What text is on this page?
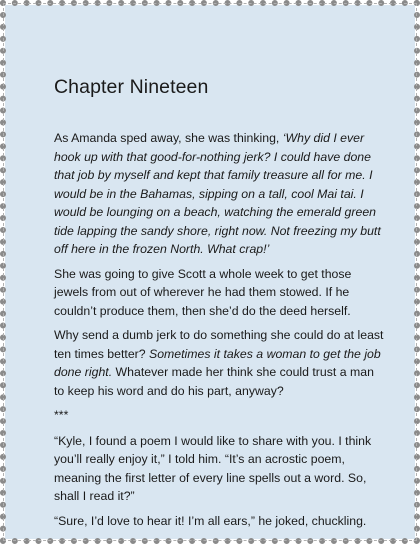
Chapter Nineteen

As Amanda sped away, she was thinking, ‘Why did I ever hook up with that good-for-nothing jerk? I could have done that job by myself and kept that family treasure all for me. I would be in the Bahamas, sipping on a tall, cool Mai tai. I would be lounging on a beach, watching the emerald green tide lapping the sandy shore, right now. Not freezing my butt off here in the frozen North. What crap!’

She was going to give Scott a whole week to get those jewels from out of wherever he had them stowed. If he couldn’t produce them, then she’d do the deed herself.

Why send a dumb jerk to do something she could do at least ten times better? Sometimes it takes a woman to get the job done right. Whatever made her think she could trust a man to keep his word and do his part, anyway?

***

“Kyle, I found a poem I would like to share with you. I think you’ll really enjoy it,” I told him. “It’s an acrostic poem, meaning the first letter of every line spells out a word. So, shall I read it?”

“Sure, I’d love to hear it! I’m all ears,” he joked, chuckling.
